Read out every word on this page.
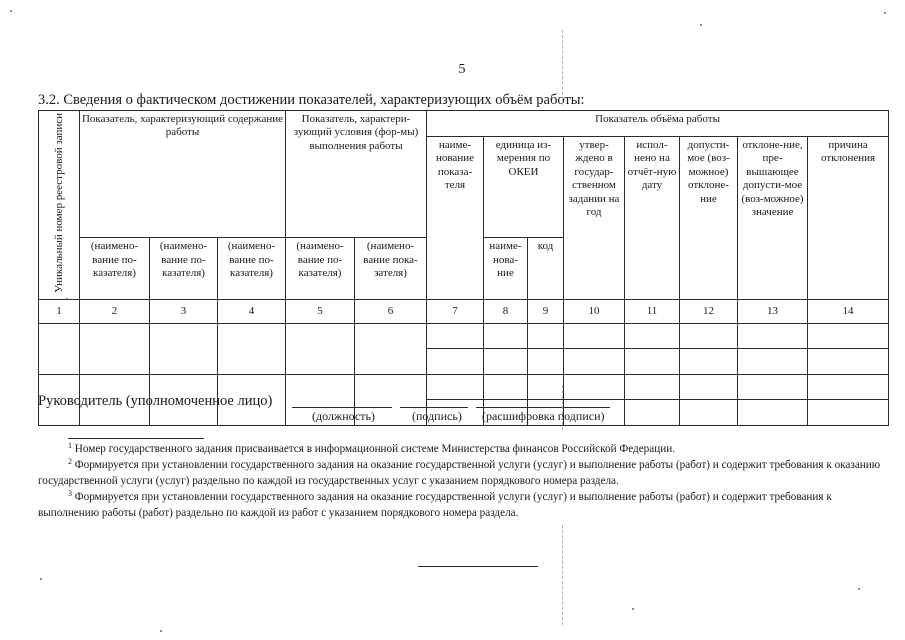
5
3.2. Сведения о фактическом достижении показателей, характеризующих объём работы:
Уникальный номер реестровой записи	Показатель, характеризующий содержание работы			Показатель, характери-зующий условия (фор-мы) выполнения работы		Показатель объёма работы							
						наиме-нование показа-теля	единица из-мерения по ОКЕИ		утвер-ждено в государ-ственном задании на год	испол-нено на отчёт-ную дату	допусти-мое (воз-можное) отклоне-ние	отклоне-ние, пре-вышающее допусти-мое (воз-можное) значение	причина отклонения
	(наимено-вание по-казателя)	(наимено-вание по-казателя)	(наимено-вание по-казателя)	(наимено-вание по-казателя)	(наимено-вание пока-зателя)		наиме-нова-ние	код					
1	2	3	4	5	6	7	8	9	10	11	12	13	14

Руководитель (уполномоченное лицо)
(должность)	(подпись) (расшифровка подписи)
$^1$ Номер государственного задания присваивается в информационной системе Министерства финансов Российской Федерации.
$^2$ Формируется при установлении государственного задания на оказание государственной услуги (услуг) и выполнение работы (работ) и содержит требования к оказанию государственной услуги (услуг) раздельно по каждой из государственных услуг с указанием порядкового номера раздела.
$^3$ Формируется при установлении государственного задания на оказание государственной услуги (услуг) и выполнение работы (работ) и содержит требования к выполнению работы (работ) раздельно по каждой из работ с указанием порядкового номера раздела.
